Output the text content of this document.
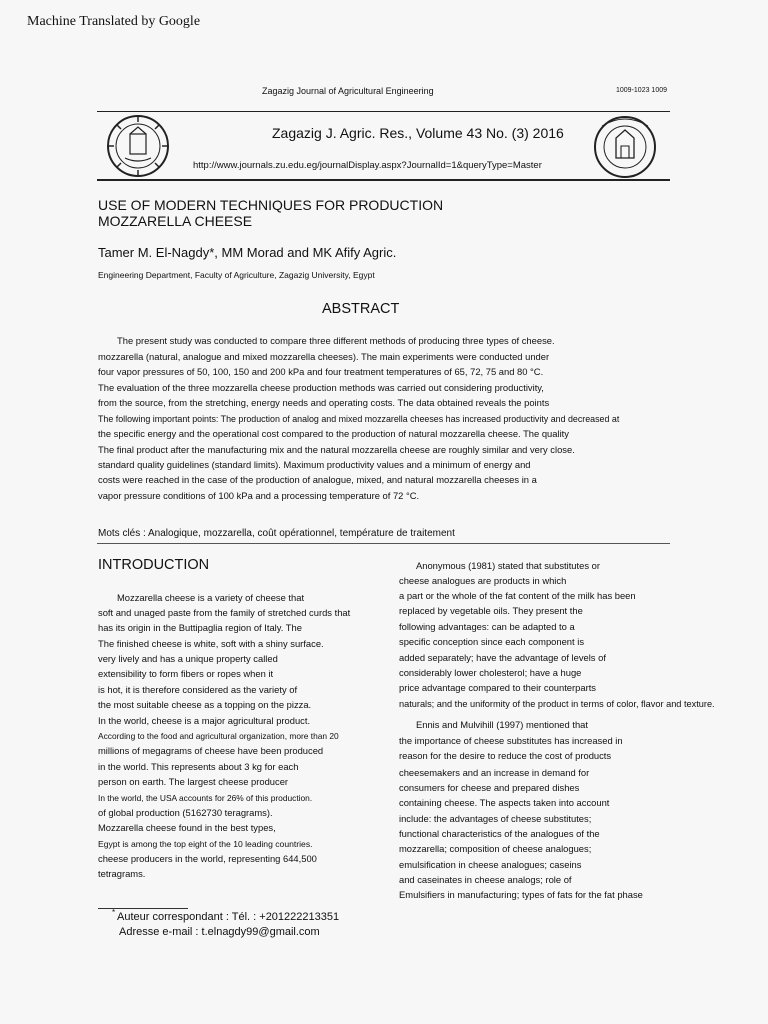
Machine Translated by Google
Zagazig Journal of Agricultural Engineering	1009-1023 1009
Zagazig J. Agric. Res., Volume 43 No. (3) 2016
http://www.journals.zu.edu.eg/journalDisplay.aspx?JournalId=1&queryType=Master
USE OF MODERN TECHNIQUES FOR PRODUCTION MOZZARELLA CHEESE
Tamer M. El-Nagdy*, MM Morad and MK Afify Agric.
Engineering Department, Faculty of Agriculture, Zagazig University, Egypt
ABSTRACT
The present study was conducted to compare three different methods of producing three types of cheese.
mozzarella (natural, analogue and mixed mozzarella cheeses). The main experiments were conducted under
four vapor pressures of 50, 100, 150 and 200 kPa and four treatment temperatures of 65, 72, 75 and 80 °C.
The evaluation of the three mozzarella cheese production methods was carried out considering productivity,
from the source, from the stretching, energy needs and operating costs. The data obtained reveals the points
The following important points: The production of analog and mixed mozzarella cheeses has increased productivity and decreased at
the specific energy and the operational cost compared to the production of natural mozzarella cheese. The quality
The final product after the manufacturing mix and the natural mozzarella cheese are roughly similar and very close.
standard quality guidelines (standard limits). Maximum productivity values and a minimum of energy and
costs were reached in the case of the production of analogue, mixed, and natural mozzarella cheeses in a
vapor pressure conditions of 100 kPa and a processing temperature of 72 °C.
Mots clés : Analogique, mozzarella, coût opérationnel, température de traitement
INTRODUCTION
Mozzarella cheese is a variety of cheese that
soft and unaged paste from the family of stretched curds that
has its origin in the Buttipaglia region of Italy. The
The finished cheese is white, soft with a shiny surface.
very lively and has a unique property called
extensibility to form fibers or ropes when it
is hot, it is therefore considered as the variety of
the most suitable cheese as a topping on the pizza.
In the world, cheese is a major agricultural product.
According to the food and agricultural organization, more than 20
millions of megagrams of cheese have been produced
in the world. This represents about 3 kg for each
person on earth. The largest cheese producer
In the world, the USA accounts for 26% of this production.
of global production (5162730 teragrams).
Mozzarella cheese found in the best types,
Egypt is among the top eight of the 10 leading countries.
cheese producers in the world, representing 644,500
tetragrams.
Anonymous (1981) stated that substitutes or
cheese analogues are products in which
a part or the whole of the fat content of the milk has been
replaced by vegetable oils. They present the
following advantages: can be adapted to a
specific conception since each component is
added separately; have the advantage of levels of
considerably lower cholesterol; have a huge
price advantage compared to their counterparts
naturals; and the uniformity of the product in terms of color, flavor and texture.
Ennis and Mulvihill (1997) mentioned that
the importance of cheese substitutes has increased in
reason for the desire to reduce the cost of products
cheesemakers and an increase in demand for
consumers for cheese and prepared dishes
containing cheese. The aspects taken into account
include: the advantages of cheese substitutes;
functional characteristics of the analogues of the
mozzarella; composition of cheese analogues;
emulsification in cheese analogues; caseins
and caseinates in cheese analogs; role of
Emulsifiers in manufacturing; types of fats for the fat phase
* Auteur correspondant : Tél. : +201222213351
Adresse e-mail : t.elnagdy99@gmail.com
